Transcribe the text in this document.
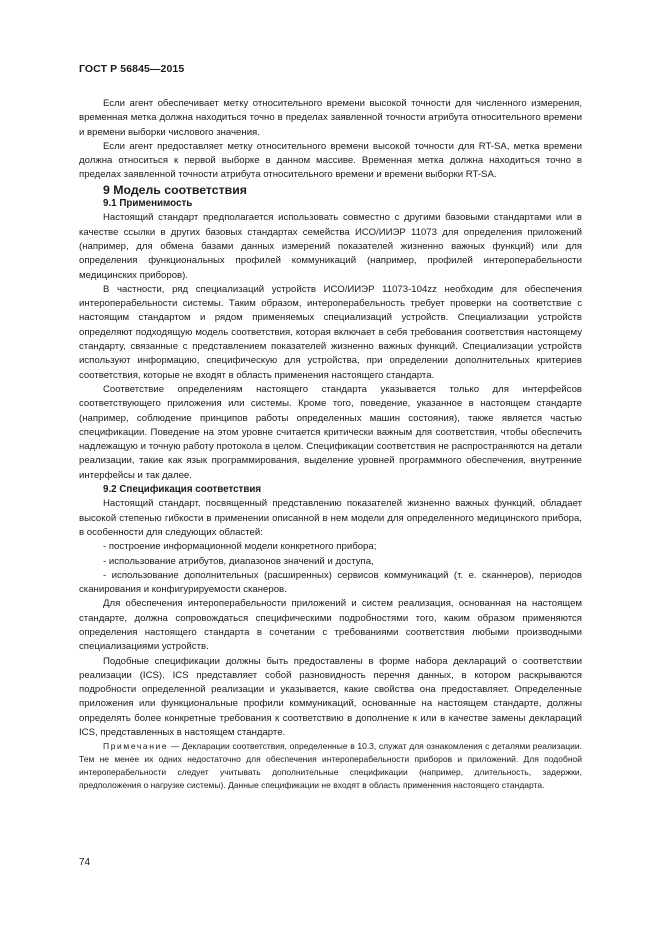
ГОСТ Р 56845—2015

Если агент обеспечивает метку относительного времени высокой точности для численного измерения, временная метка должна находиться точно в пределах заявленной точности атрибута относительного времени и времени выборки числового значения.

Если агент предоставляет метку относительного времени высокой точности для RT-SA, метка времени должна относиться к первой выборке в данном массиве. Временная метка должна находиться точно в пределах заявленной точности атрибута относительного времени и времени выборки RT-SA.

9 Модель соответствия

9.1 Применимость

Настоящий стандарт предполагается использовать совместно с другими базовыми стандартами или в качестве ссылки в других базовых стандартах семейства ИСО/ИИЭР 11073 для определения приложений (например, для обмена базами данных измерений показателей жизненно важных функций) или для определения функциональных профилей коммуникаций (например, профилей интероперабельности медицинских приборов).

В частности, ряд специализаций устройств ИСО/ИИЭР 11073-104zz необходим для обеспечения интероперабельности системы. Таким образом, интероперабельность требует проверки на соответствие с настоящим стандартом и рядом применяемых специализаций устройств. Специализации устройств определяют подходящую модель соответствия, которая включает в себя требования соответствия настоящему стандарту, связанные с представлением показателей жизненно важных функций. Специализации устройств используют информацию, специфическую для устройства, при определении дополнительных критериев соответствия, которые не входят в область применения настоящего стандарта.

Соответствие определениям настоящего стандарта указывается только для интерфейсов соответствующего приложения или системы. Кроме того, поведение, указанное в настоящем стандарте (например, соблюдение принципов работы определенных машин состояния), также является частью спецификации. Поведение на этом уровне считается критически важным для соответствия, чтобы обеспечить надлежащую и точную работу протокола в целом. Спецификации соответствия не распространяются на детали реализации, такие как язык программирования, выделение уровней программного обеспечения, внутренние интерфейсы и так далее.

9.2 Спецификация соответствия

Настоящий стандарт, посвященный представлению показателей жизненно важных функций, обладает высокой степенью гибкости в применении описанной в нем модели для определенного медицинского прибора, в особенности для следующих областей:

- построение информационной модели конкретного прибора;

- использование атрибутов, диапазонов значений и доступа,

- использование дополнительных (расширенных) сервисов коммуникаций (т. е. сканнеров), периодов сканирования и конфигурируемости сканеров.

Для обеспечения интероперабельности приложений и систем реализация, основанная на настоящем стандарте, должна сопровождаться специфическими подробностями того, каким образом применяются определения настоящего стандарта в сочетании с требованиями соответствия любыми производными специализациями устройств.

Подобные спецификации должны быть предоставлены в форме набора деклараций о соответствии реализации (ICS). ICS представляет собой разновидность перечня данных, в котором раскрываются подробности определенной реализации и указывается, какие свойства она предоставляет. Определенные приложения или функциональные профили коммуникаций, основанные на настоящем стандарте, должны определять более конкретные требования к соответствию в дополнение к или в качестве замены деклараций ICS, представленных в настоящем стандарте.

Примечание — Декларации соответствия, определенные в 10.3, служат для ознакомления с деталями реализации. Тем не менее их одних недостаточно для обеспечения интероперабельности приборов и приложений. Для подобной интероперабельности следует учитывать дополнительные спецификации (например, длительность, задержки, предположения о нагрузке системы). Данные спецификации не входят в область применения настоящего стандарта.

74
